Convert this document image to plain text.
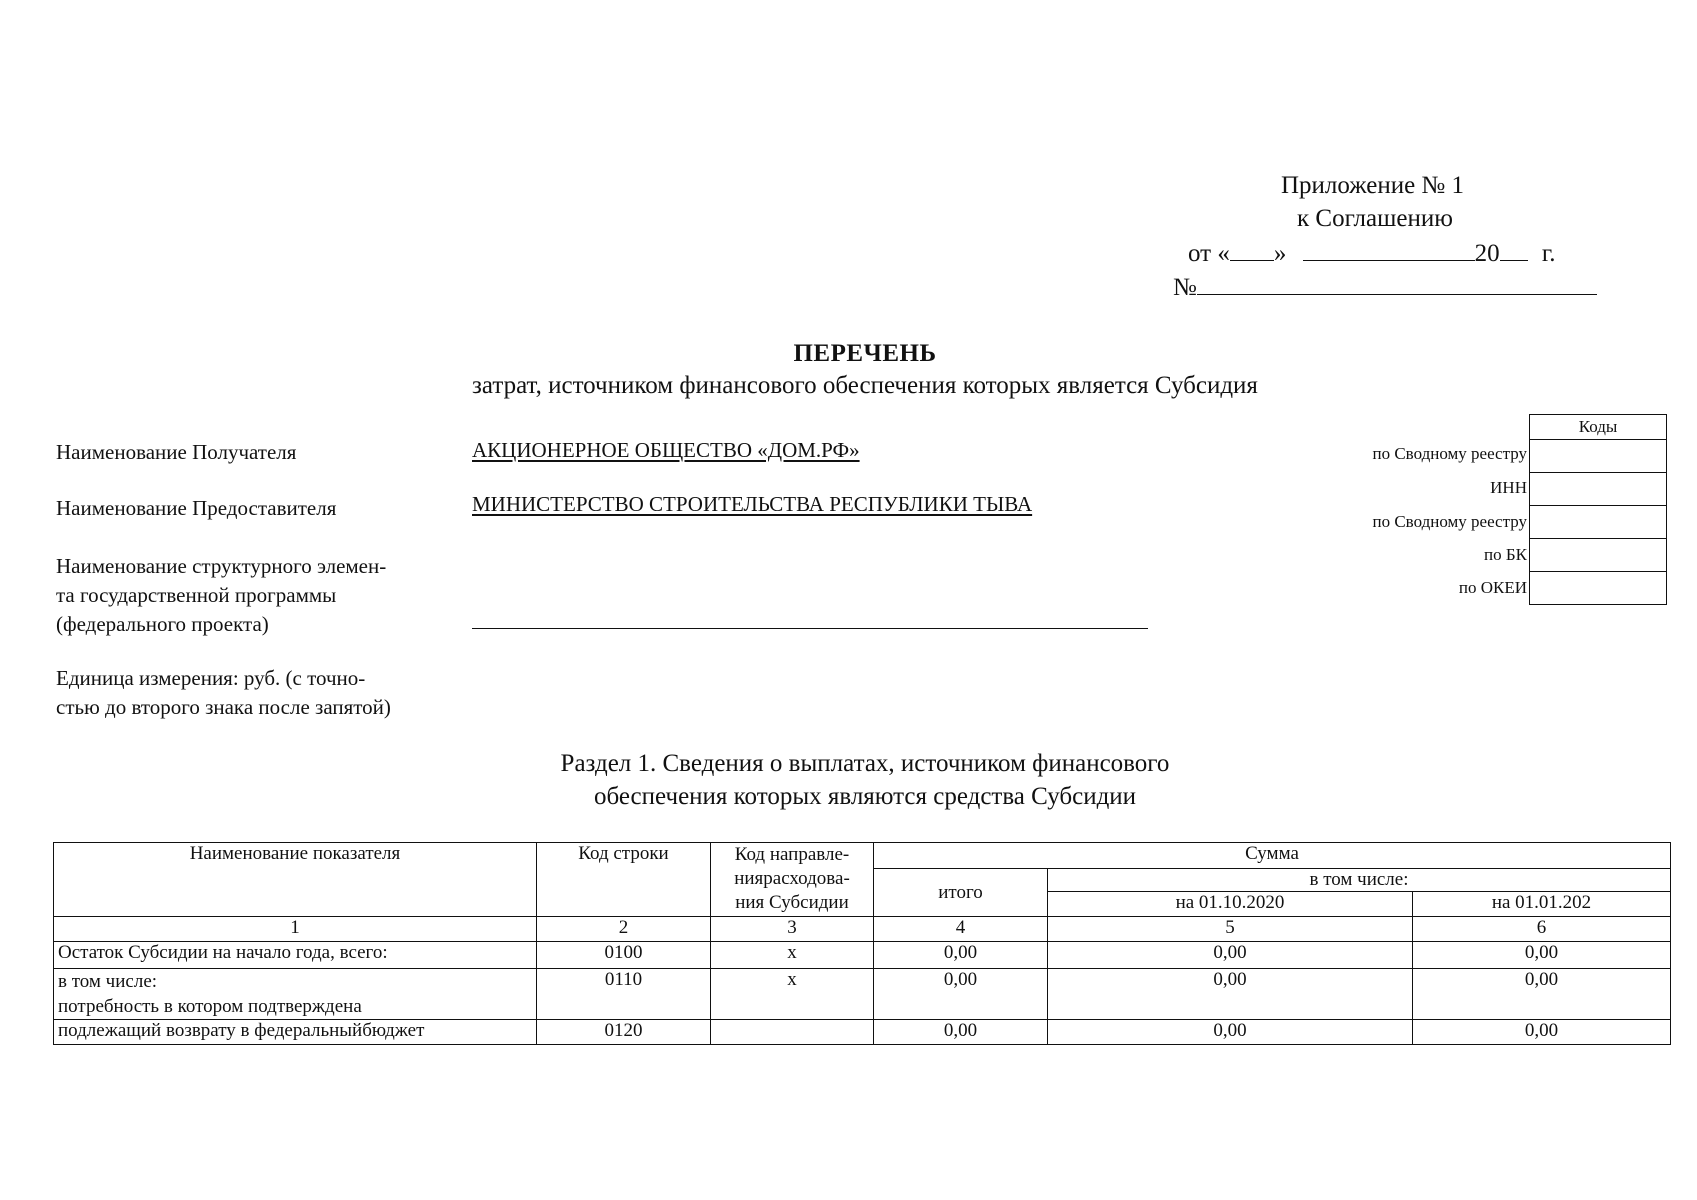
Приложение № 1
к Соглашению
от « »	20 г.
№
ПЕРЕЧЕНЬ
затрат, источником финансового обеспечения которых является Субсидия
Наименование Получателя	АКЦИОНЕРНОЕ ОБЩЕСТВО «ДОМ.РФ»
Наименование Предоставителя	МИНИСТЕРСТВО СТРОИТЕЛЬСТВА РЕСПУБЛИКИ ТЫВА
Наименование структурного элемен-
та государственной программы
(федерального проекта)
Единица измерения: руб. (с точно-
стью до второго знака после запятой)
по Сводному реестру
ИНН
по Сводному реестру
по БК
по ОКЕИ
Коды

Раздел 1. Сведения о выплатах, источником финансового
обеспечения которых являются средства Субсидии
Наименование показателя	Код строки	Код направле-
ниярасходова-
ния Субсидии	Сумма		
			итого	в том числе:	
				на 01.10.2020	на 01.01.202
1	2	3	4	5	6
Остаток Субсидии на начало года, всего:	0100	x	0,00	0,00	0,00

в том числе:
потребность в котором подтверждена	0110	x	0,00	0,00	0,00
подлежащий возврату в федеральныйбюджет	0120		0,00	0,00	0,00
